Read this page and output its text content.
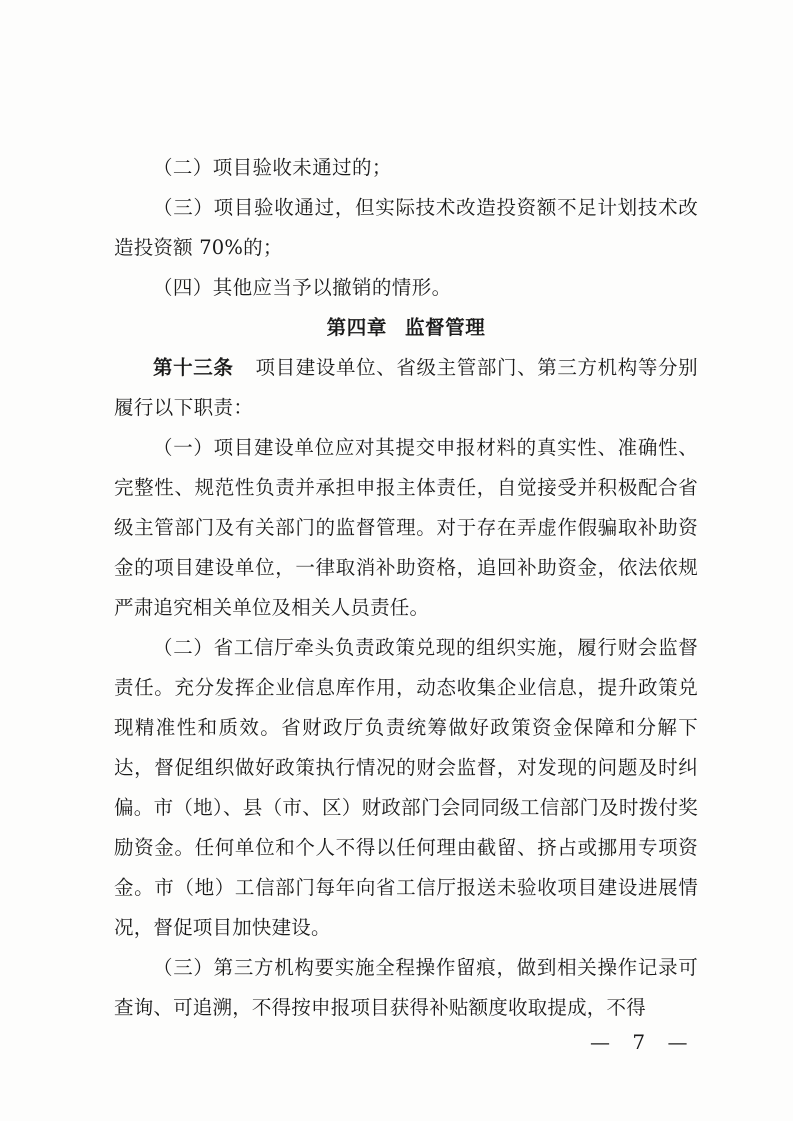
（二）项目验收未通过的；

（三）项目验收通过，但实际技术改造投资额不足计划技术改造投资额 70%的；

（四）其他应当予以撤销的情形。

第四章 监督管理

第十三条 项目建设单位、省级主管部门、第三方机构等分别履行以下职责：

（一）项目建设单位应对其提交申报材料的真实性、准确性、完整性、规范性负责并承担申报主体责任，自觉接受并积极配合省级主管部门及有关部门的监督管理。对于存在弄虚作假骗取补助资金的项目建设单位，一律取消补助资格，追回补助资金，依法依规严肃追究相关单位及相关人员责任。

（二）省工信厅牵头负责政策兑现的组织实施，履行财会监督责任。充分发挥企业信息库作用，动态收集企业信息，提升政策兑现精准性和质效。省财政厅负责统筹做好政策资金保障和分解下达，督促组织做好政策执行情况的财会监督，对发现的问题及时纠偏。市（地）、县（市、区）财政部门会同同级工信部门及时拨付奖励资金。任何单位和个人不得以任何理由截留、挤占或挪用专项资金。市（地）工信部门每年向省工信厅报送未验收项目建设进展情况，督促项目加快建设。

（三）第三方机构要实施全程操作留痕，做到相关操作记录可查询、可追溯，不得按申报项目获得补贴额度收取提成，不得

— 7 —
